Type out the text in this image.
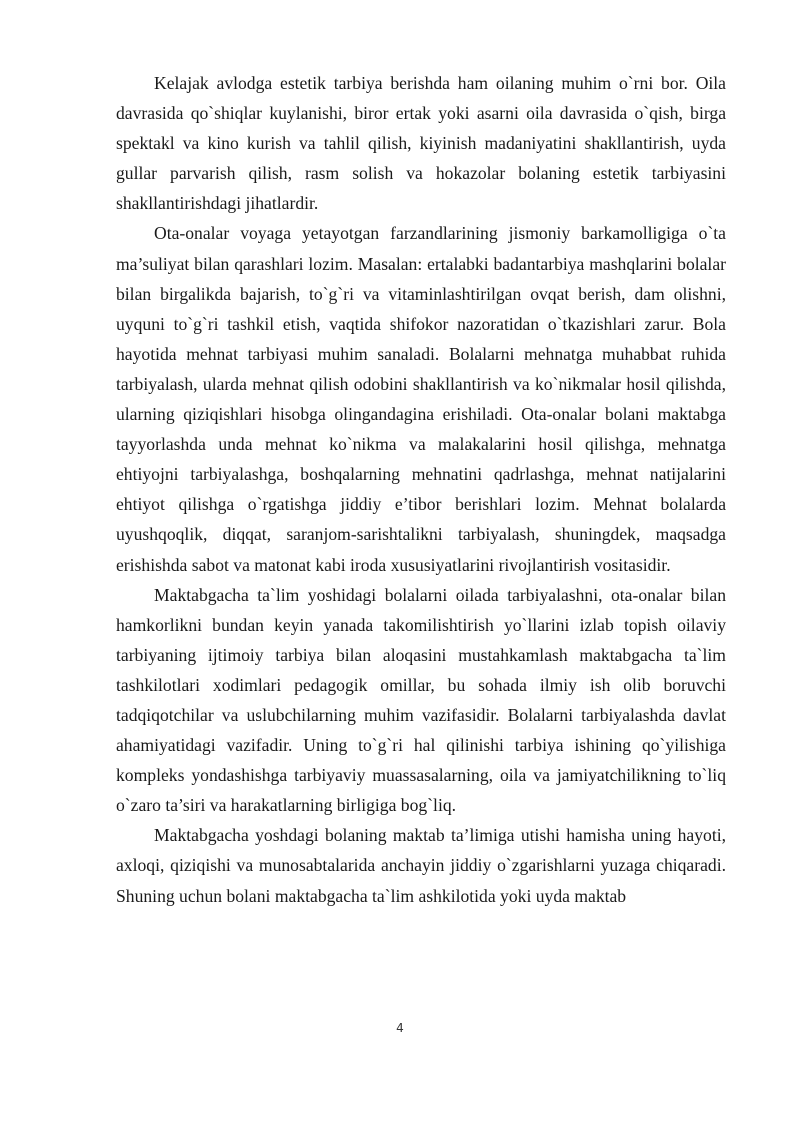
Kelajak avlodga estetik tarbiya berishda ham oilaning muhim o`rni bor. Oila davrasida qo`shiqlar kuylanishi, biror ertak yoki asarni oila davrasida o`qish, birga spektakl va kino kurish va tahlil qilish, kiyinish madaniyatini shakllantirish, uyda gullar parvarish qilish, rasm solish va hokazolar bolaning estetik tarbiyasini shakllantirishdagi jihatlardir.

Ota-onalar voyaga yetayotgan farzandlarining jismoniy barkamolligiga o`ta ma’suliyat bilan qarashlari lozim. Masalan: ertalabki badantarbiya mashqlarini bolalar bilan birgalikda bajarish, to`g`ri va vitaminlashtirilgan ovqat berish, dam olishni, uyquni to`g`ri tashkil etish, vaqtida shifokor nazoratidan o`tkazishlari zarur. Bola hayotida mehnat tarbiyasi muhim sanaladi. Bolalarni mehnatga muhabbat ruhida tarbiyalash, ularda mehnat qilish odobini shakllantirish va ko`nikmalar hosil qilishda, ularning qiziqishlari hisobga olingandagina erishiladi. Ota-onalar bolani maktabga tayyorlashda unda mehnat ko`nikma va malakalarini hosil qilishga, mehnatga ehtiyojni tarbiyalashga, boshqalarning mehnatini qadrlashga, mehnat natijalarini ehtiyot qilishga o`rgatishga jiddiy e’tibor berishlari lozim. Mehnat bolalarda uyushqoqlik, diqqat, saranjom-sarishtalikni tarbiyalash, shuningdek, maqsadga erishishda sabot va matonat kabi iroda xususiyatlarini rivojlantirish vositasidir.

Maktabgacha ta`lim yoshidagi bolalarni oilada tarbiyalashni, ota-onalar bilan hamkorlikni bundan keyin yanada takomilishtirish yo`llarini izlab topish oilaviy tarbiyaning ijtimoiy tarbiya bilan aloqasini mustahkamlash maktabgacha ta`lim tashkilotlari xodimlari pedagogik omillar, bu sohada ilmiy ish olib boruvchi tadqiqotchilar va uslubchilarning muhim vazifasidir. Bolalarni tarbiyalashda davlat ahamiyatidagi vazifadir. Uning to`g`ri hal qilinishi tarbiya ishining qo`yilishiga kompleks yondashishga tarbiyaviy muassasalarning, oila va jamiyatchilikning to`liq o`zaro ta’siri va harakatlarning birligiga bog`liq.

Maktabgacha yoshdagi bolaning maktab ta’limiga utishi hamisha uning hayoti, axloqi, qiziqishi va munosabtalarida anchayin jiddiy o`zgarishlarni yuzaga chiqaradi. Shuning uchun bolani maktabgacha ta`lim ashkilotida yoki uyda maktab

4
